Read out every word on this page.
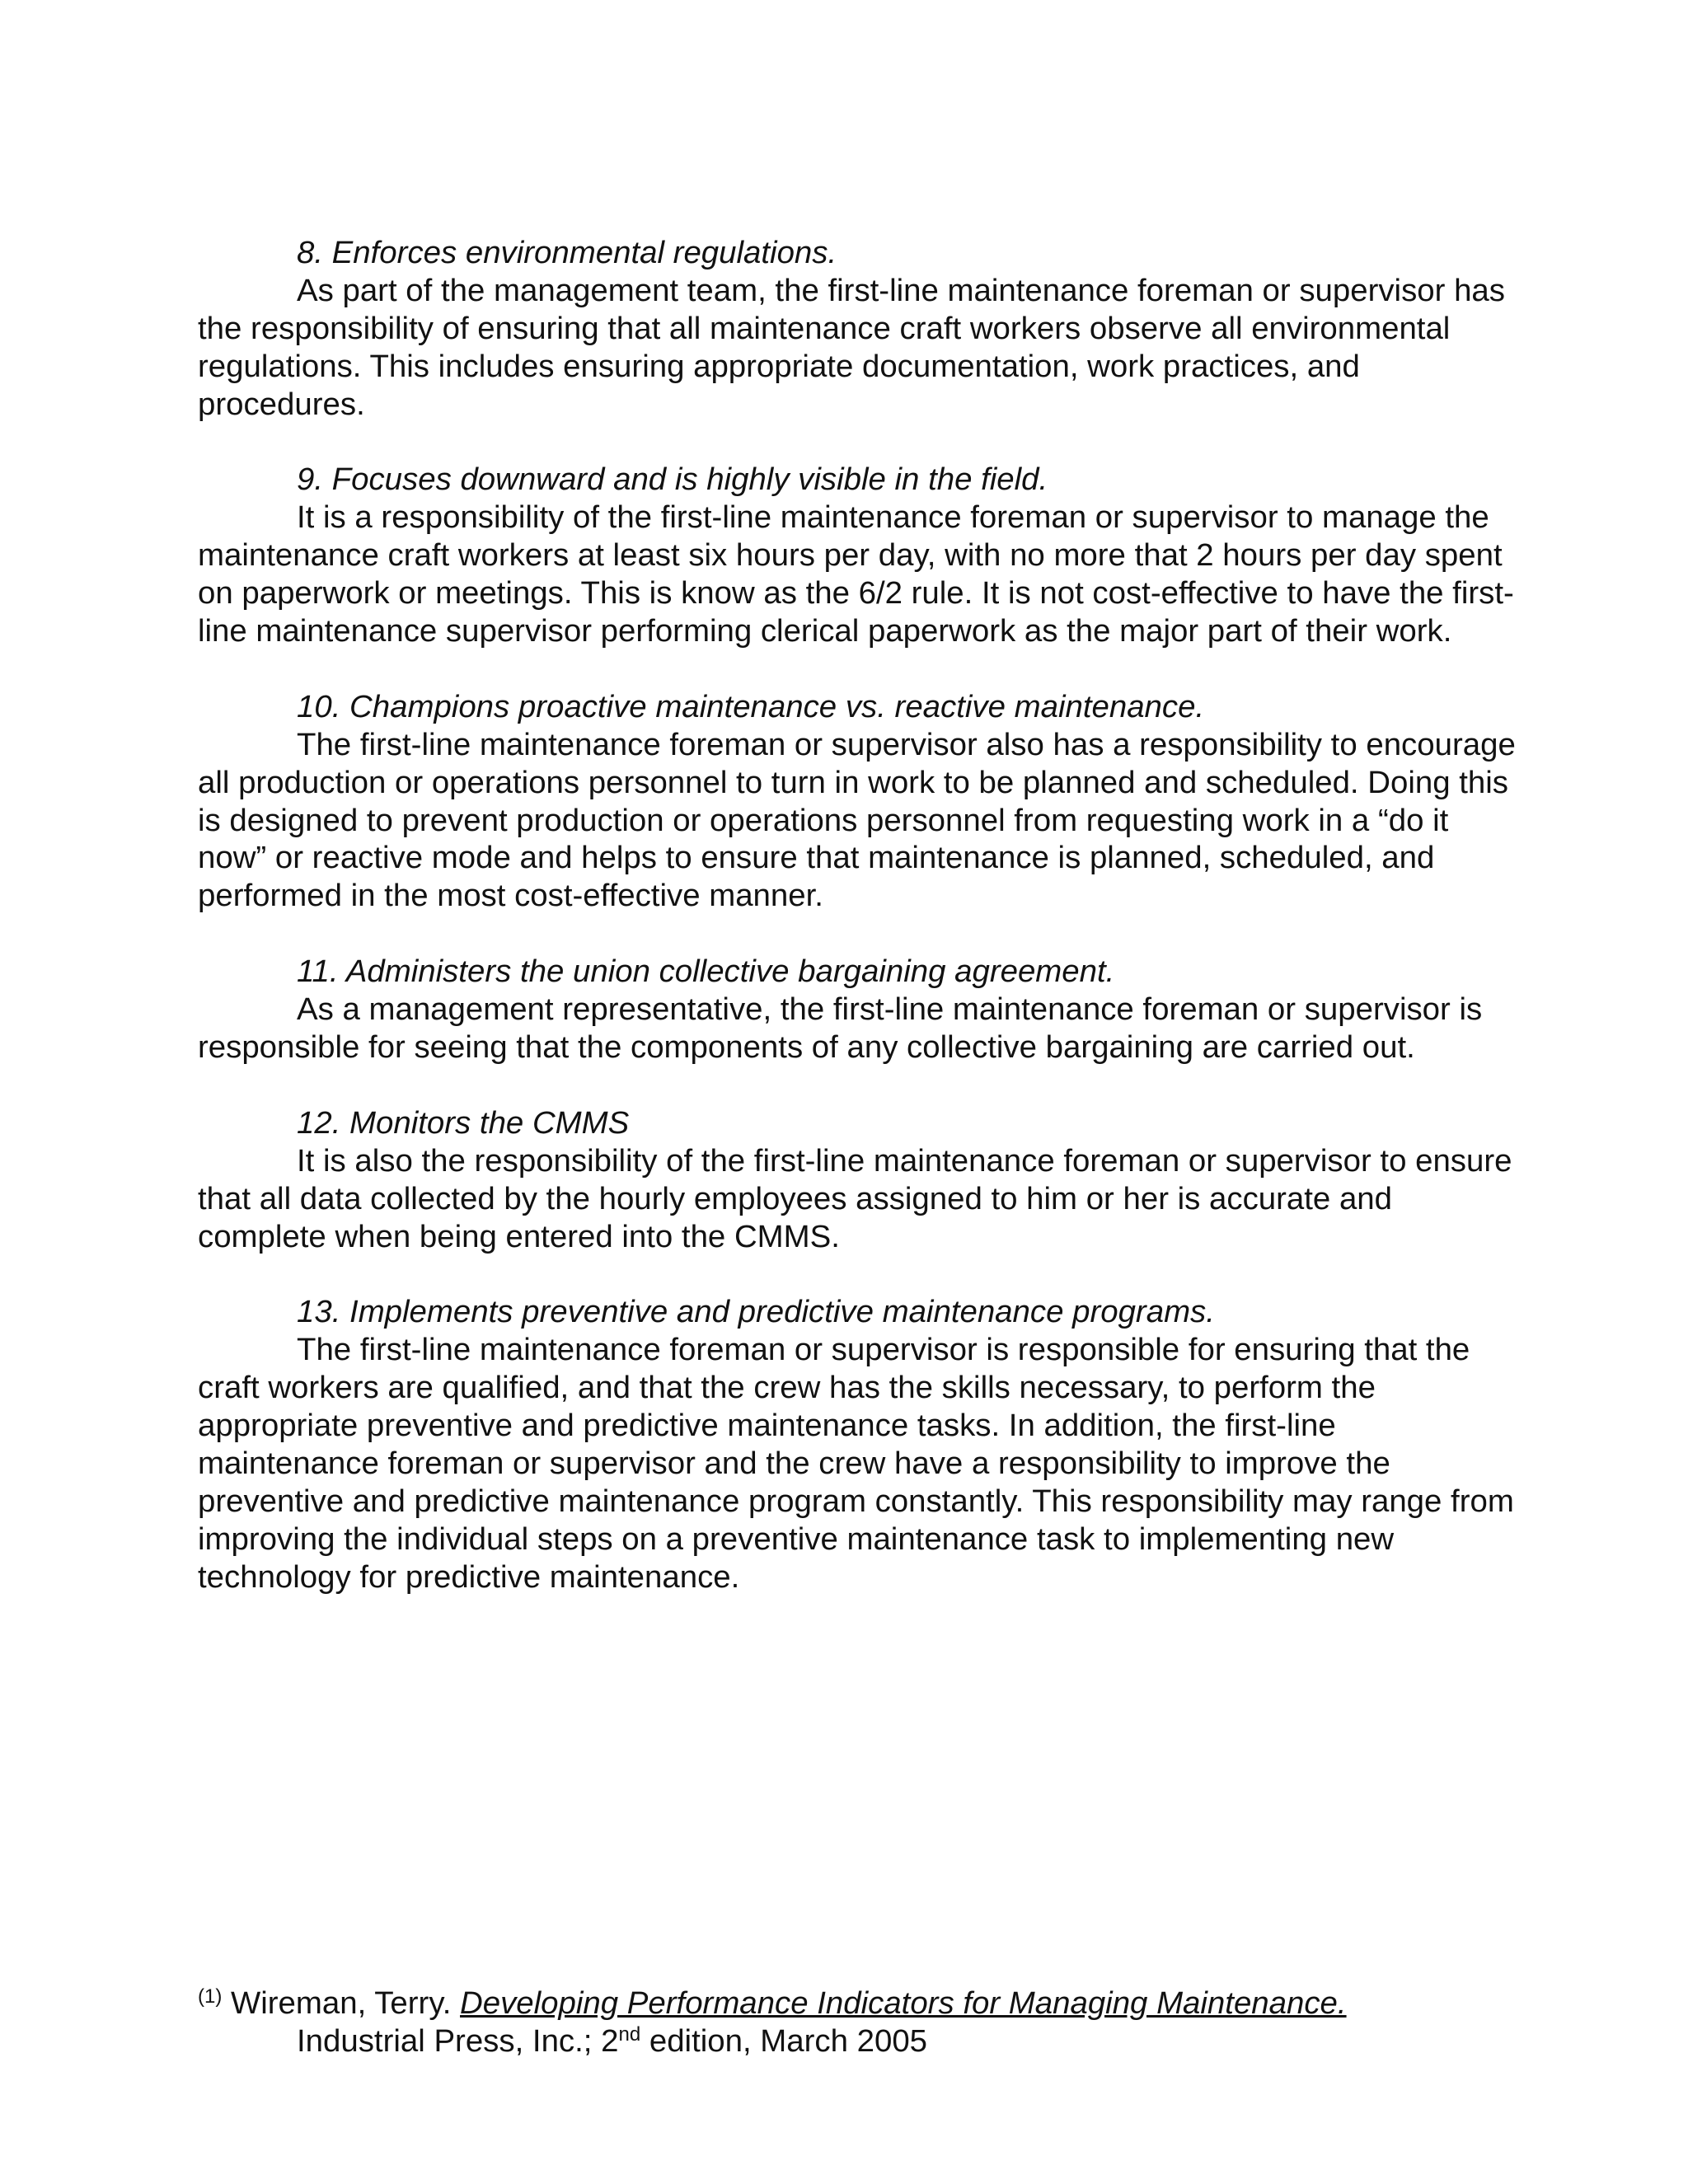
8. Enforces environmental regulations.
As part of the management team, the first-line maintenance foreman or supervisor has the responsibility of ensuring that all maintenance craft workers observe all environmental regulations. This includes ensuring appropriate documentation, work practices, and procedures.
9. Focuses downward and is highly visible in the field.
It is a responsibility of the first-line maintenance foreman or supervisor to manage the maintenance craft workers at least six hours per day, with no more that 2 hours per day spent on paperwork or meetings. This is know as the 6/2 rule. It is not cost-effective to have the first-line maintenance supervisor performing clerical paperwork as the major part of their work.
10. Champions proactive maintenance vs. reactive maintenance.
The first-line maintenance foreman or supervisor also has a responsibility to encourage all production or operations personnel to turn in work to be planned and scheduled. Doing this is designed to prevent production or operations personnel from requesting work in a “do it now” or reactive mode and helps to ensure that maintenance is planned, scheduled, and performed in the most cost-effective manner.
11. Administers the union collective bargaining agreement.
As a management representative, the first-line maintenance foreman or supervisor is responsible for seeing that the components of any collective bargaining are carried out.
12. Monitors the CMMS
It is also the responsibility of the first-line maintenance foreman or supervisor to ensure that all data collected by the hourly employees assigned to him or her is accurate and complete when being entered into the CMMS.
13. Implements preventive and predictive maintenance programs.
The first-line maintenance foreman or supervisor is responsible for ensuring that the craft workers are qualified, and that the crew has the skills necessary, to perform the appropriate preventive and predictive maintenance tasks. In addition, the first-line maintenance foreman or supervisor and the crew have a responsibility to improve the preventive and predictive maintenance program constantly. This responsibility may range from improving the individual steps on a preventive maintenance task to implementing new technology for predictive maintenance.
$^{(1)}$ Wireman, Terry. Developing Performance Indicators for Managing Maintenance.
Industrial Press, Inc.; 2nd edition, March 2005
